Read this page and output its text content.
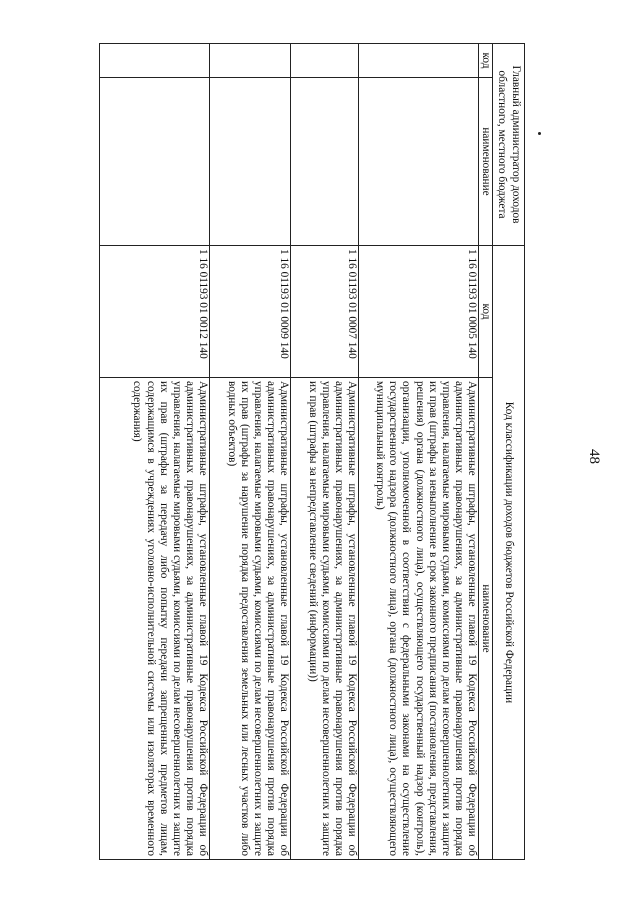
48
Главный администратор доходов областного, местного бюджета		Код классификации доходов бюджетов Российской Федерации	
код	наименование	код	наименование
		1 16 01193 01 0005 140	Административные штрафы, установленные главой 19 Кодекса Российской Федерации об административных правонарушениях, за административные правонарушения против порядка управления, налагаемые мировыми судьями, комиссиями по делам несовершеннолетних и защите их прав (штрафы за невыполнение в срок законного предписания (постановления, представления, решения) органа (должностного лица), осуществляющего государственный надзор (контроль), организации, уполномоченной в соответствии с федеральными законами на осуществление государственного надзора (должностного лица), органа (должностного лица), осуществляющего муниципальный контроль)
		1 16 01193 01 0007 140	Административные штрафы, установленные главой 19 Кодекса Российской Федерации об административных правонарушениях, за административные правонарушения против порядка управления, налагаемые мировыми судьями, комиссиями по делам несовершеннолетних и защите их прав (штрафы за непредставление сведений (информации))
		1 16 01193 01 0009 140	Административные штрафы, установленные главой 19 Кодекса Российской Федерации об административных правонарушениях, за административные правонарушения против порядка управления, налагаемые мировыми судьями, комиссиями по делам несовершеннолетних и защите их прав (штрафы за нарушение порядка предоставления земельных или лесных участков либо водных объектов)
		1 16 01193 01 0012 140	Административные штрафы, установленные главой 19 Кодекса Российской Федерации об административных правонарушениях, за административные правонарушения против порядка управления, налагаемые мировыми судьями, комиссиями по делам несовершеннолетних и защите их прав (штрафы за передачу либо попытку передачи запрещенных предметов лицам, содержащимся в учреждениях уголовно-исполнительной системы или изоляторах временного содержания)
